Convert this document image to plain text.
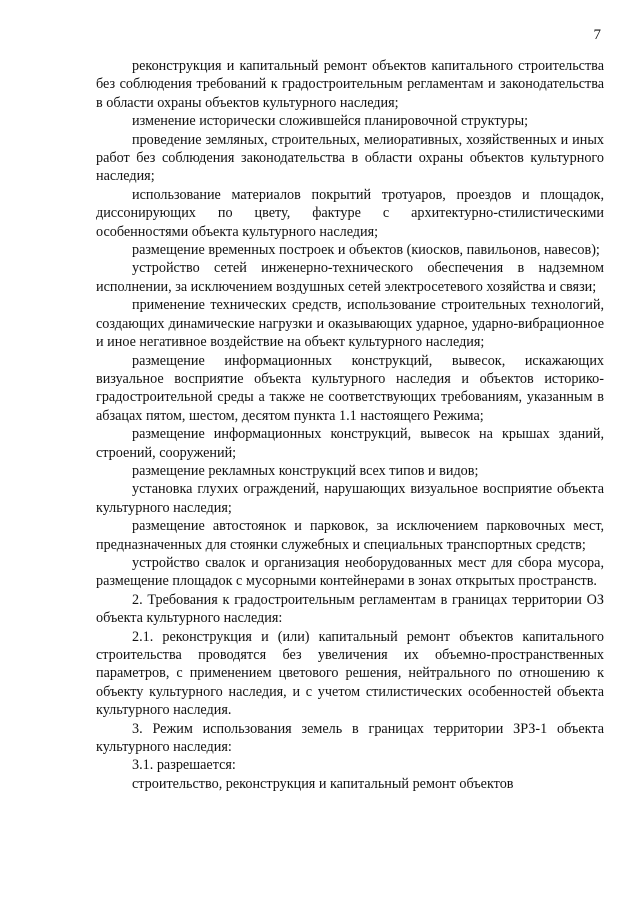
7

реконструкция и капитальный ремонт объектов капитального строительства без соблюдения требований к градостроительным регламентам и законодательства в области охраны объектов культурного наследия;

изменение исторически сложившейся планировочной структуры;

проведение земляных, строительных, мелиоративных, хозяйственных и иных работ без соблюдения законодательства в области охраны объектов культурного наследия;

использование материалов покрытий тротуаров, проездов и площадок, диссонирующих по цвету, фактуре с архитектурно-стилистическими особенностями объекта культурного наследия;

размещение временных построек и объектов (киосков, павильонов, навесов);

устройство сетей инженерно-технического обеспечения в надземном исполнении, за исключением воздушных сетей электросетевого хозяйства и связи;

применение технических средств, использование строительных технологий, создающих динамические нагрузки и оказывающих ударное, ударно-вибрационное и иное негативное воздействие на объект культурного наследия;

размещение информационных конструкций, вывесок, искажающих визуальное восприятие объекта культурного наследия и объектов историко-градостроительной среды а также не соответствующих требованиям, указанным в абзацах пятом, шестом, десятом пункта 1.1 настоящего Режима;

размещение информационных конструкций, вывесок на крышах зданий, строений, сооружений;

размещение рекламных конструкций всех типов и видов;

установка глухих ограждений, нарушающих визуальное восприятие объекта культурного наследия;

размещение автостоянок и парковок, за исключением парковочных мест, предназначенных для стоянки служебных и специальных транспортных средств;

устройство свалок и организация необорудованных мест для сбора мусора, размещение площадок с мусорными контейнерами в зонах открытых пространств.

2. Требования к градостроительным регламентам в границах территории ОЗ объекта культурного наследия:

2.1. реконструкция и (или) капитальный ремонт объектов капитального строительства проводятся без увеличения их объемно-пространственных параметров, с применением цветового решения, нейтрального по отношению к объекту культурного наследия, и с учетом стилистических особенностей объекта культурного наследия.

3. Режим использования земель в границах территории ЗРЗ-1 объекта культурного наследия:

3.1. разрешается:

строительство, реконструкция и капитальный ремонт объектов
